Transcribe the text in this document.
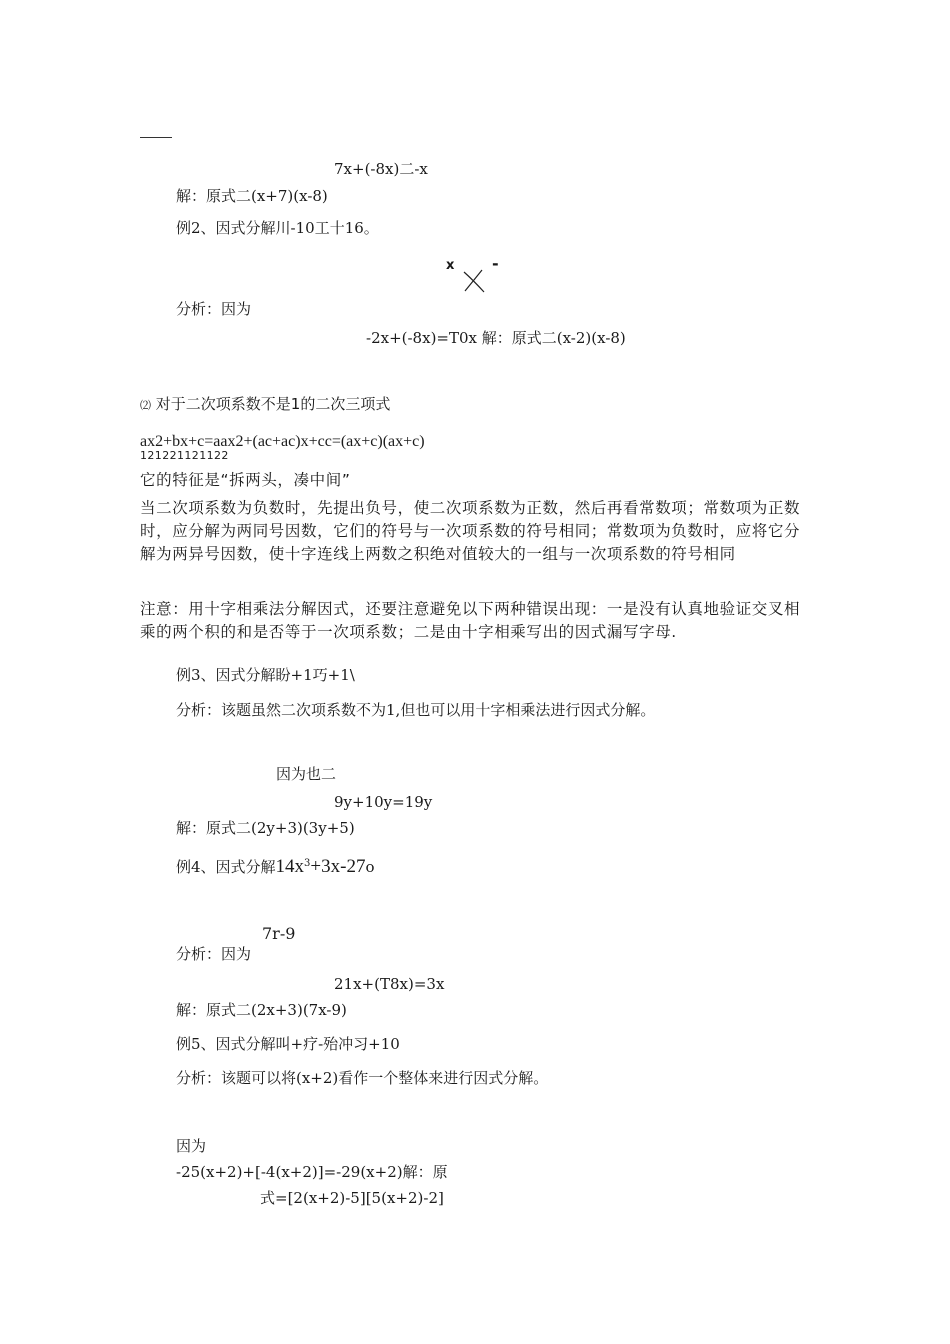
7x+(-8x)二-x
解：原式二(x+7)(x-8)
例2、因式分解川-10工十16。
x -
分析：因为
-2x+(-8x)=T0x 解：原式二(x-2)(x-8)
⑵ 对于二次项系数不是1的二次三项式
ax2+bx+c=aax2+(ac+ac)x+cc=(ax+c)(ax+c)
121221121122
它的特征是“拆两头，凑中间”
当二次项系数为负数时，先提出负号，使二次项系数为正数，然后再看常数项；常数项为正数时，应分解为两同号因数，它们的符号与一次项系数的符号相同；常数项为负数时，应将它分解为两异号因数，使十字连线上两数之积绝对值较大的一组与一次项系数的符号相同
注意：用十字相乘法分解因式，还要注意避免以下两种错误出现：一是没有认真地验证交叉相乘的两个积的和是否等于一次项系数；二是由十字相乘写出的因式漏写字母.
例3、因式分解盼+1巧+1\
分析：该题虽然二次项系数不为1,但也可以用十字相乘法进行因式分解。
因为也二
9y+10y=19y
解：原式二(2y+3)(3y+5)
例4、因式分解$14x^3+3x-27o$
7r-9
分析：因为
21x+(T8x)=3x
解：原式二(2x+3)(7x-9)
例5、因式分解叫+疗-殆冲习+10
分析：该题可以将(x+2)看作一个整体来进行因式分解。
因为
-25(x+2)+[-4(x+2)]=-29(x+2)解：原
式=[2(x+2)-5][5(x+2)-2]
